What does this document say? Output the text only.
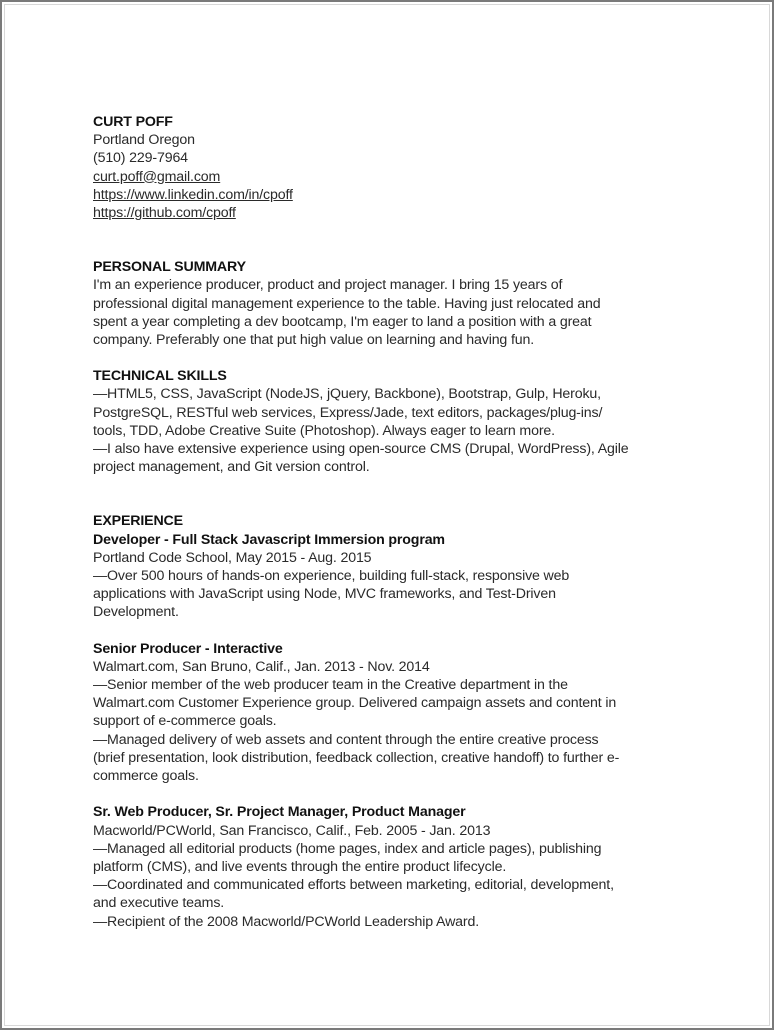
CURT POFF
Portland Oregon
(510) 229-7964
curt.poff@gmail.com
https://www.linkedin.com/in/cpoff
https://github.com/cpoff
PERSONAL SUMMARY
I'm an experience producer, product and project manager. I bring 15 years of
professional digital management experience to the table. Having just relocated and
spent a year completing a dev bootcamp, I'm eager to land a position with a great
company. Preferably one that put high value on learning and having fun.
TECHNICAL SKILLS
—HTML5, CSS, JavaScript (NodeJS, jQuery, Backbone), Bootstrap, Gulp, Heroku,
PostgreSQL, RESTful web services, Express/Jade, text editors, packages/plug-ins/
tools, TDD, Adobe Creative Suite (Photoshop). Always eager to learn more.
—I also have extensive experience using open-source CMS (Drupal, WordPress), Agile
project management, and Git version control.
EXPERIENCE
Developer - Full Stack Javascript Immersion program
Portland Code School, May 2015 - Aug. 2015
—Over 500 hours of hands-on experience, building full-stack, responsive web
applications with JavaScript using Node, MVC frameworks, and Test-Driven
Development.
Senior Producer - Interactive
Walmart.com, San Bruno, Calif., Jan. 2013 - Nov. 2014
—Senior member of the web producer team in the Creative department in the
Walmart.com Customer Experience group. Delivered campaign assets and content in
support of e-commerce goals.
—Managed delivery of web assets and content through the entire creative process
(brief presentation, look distribution, feedback collection, creative handoff) to further e-
commerce goals.
Sr. Web Producer, Sr. Project Manager, Product Manager
Macworld/PCWorld, San Francisco, Calif., Feb. 2005 - Jan. 2013
—Managed all editorial products (home pages, index and article pages), publishing
platform (CMS), and live events through the entire product lifecycle.
—Coordinated and communicated efforts between marketing, editorial, development,
and executive teams.
—Recipient of the 2008 Macworld/PCWorld Leadership Award.
